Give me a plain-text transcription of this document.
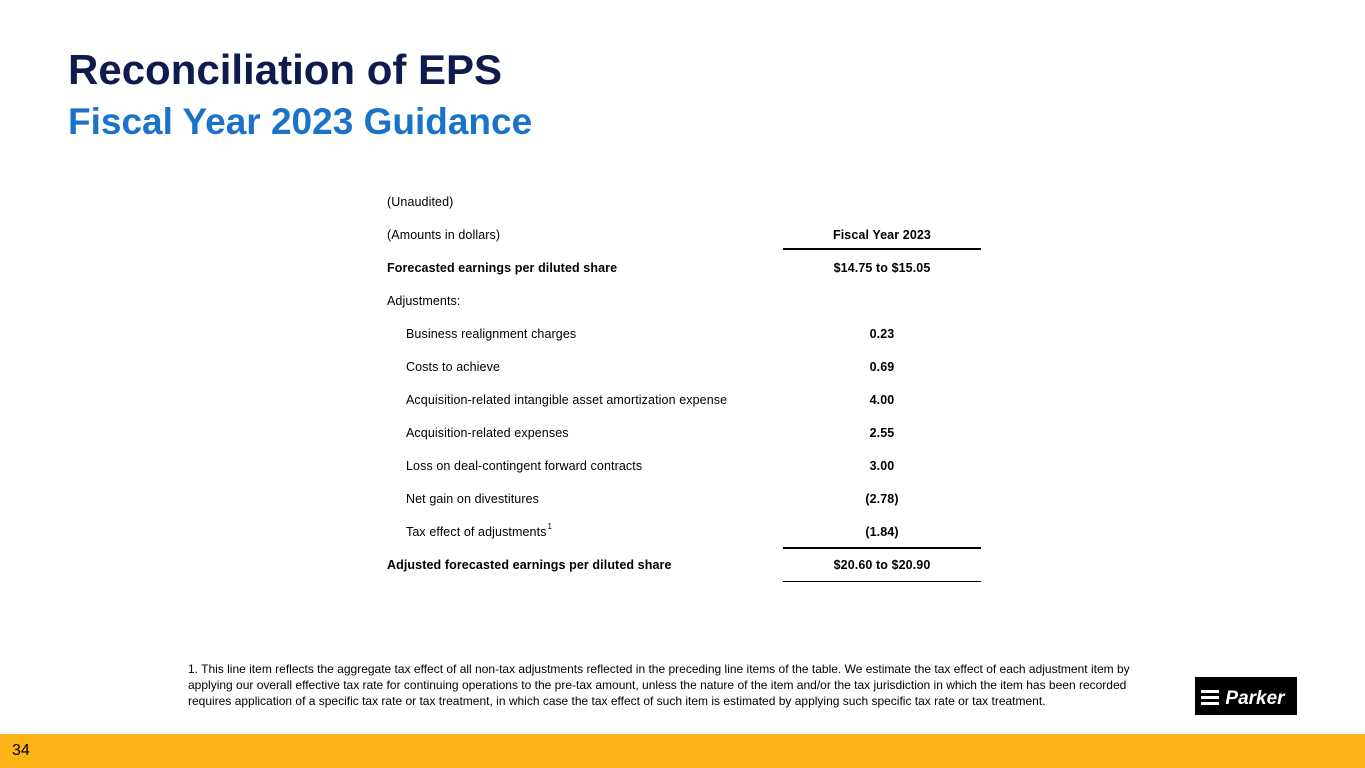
Reconciliation of EPS
Fiscal Year 2023 Guidance
(Unaudited)
(Amounts in dollars)	Fiscal Year 2023
Forecasted earnings per diluted share	$14.75 to $15.05
Adjustments:
Business realignment charges	0.23
Costs to achieve	0.69
Acquisition-related intangible asset amortization expense	4.00
Acquisition-related expenses	2.55
Loss on deal-contingent forward contracts	3.00
Net gain on divestitures	(2.78)
Tax effect of adjustments$^1$	(1.84)
Adjusted forecasted earnings per diluted share	$20.60 to $20.90

1. This line item reflects the aggregate tax effect of all non-tax adjustments reflected in the preceding line items of the table. We estimate the tax effect of each adjustment item by applying our overall effective tax rate for continuing operations to the pre-tax amount, unless the nature of the item and/or the tax jurisdiction in which the item has been recorded requires application of a specific tax rate or tax treatment, in which case the tax effect of such item is estimated by applying such specific tax rate or tax treatment.	Parker
34
